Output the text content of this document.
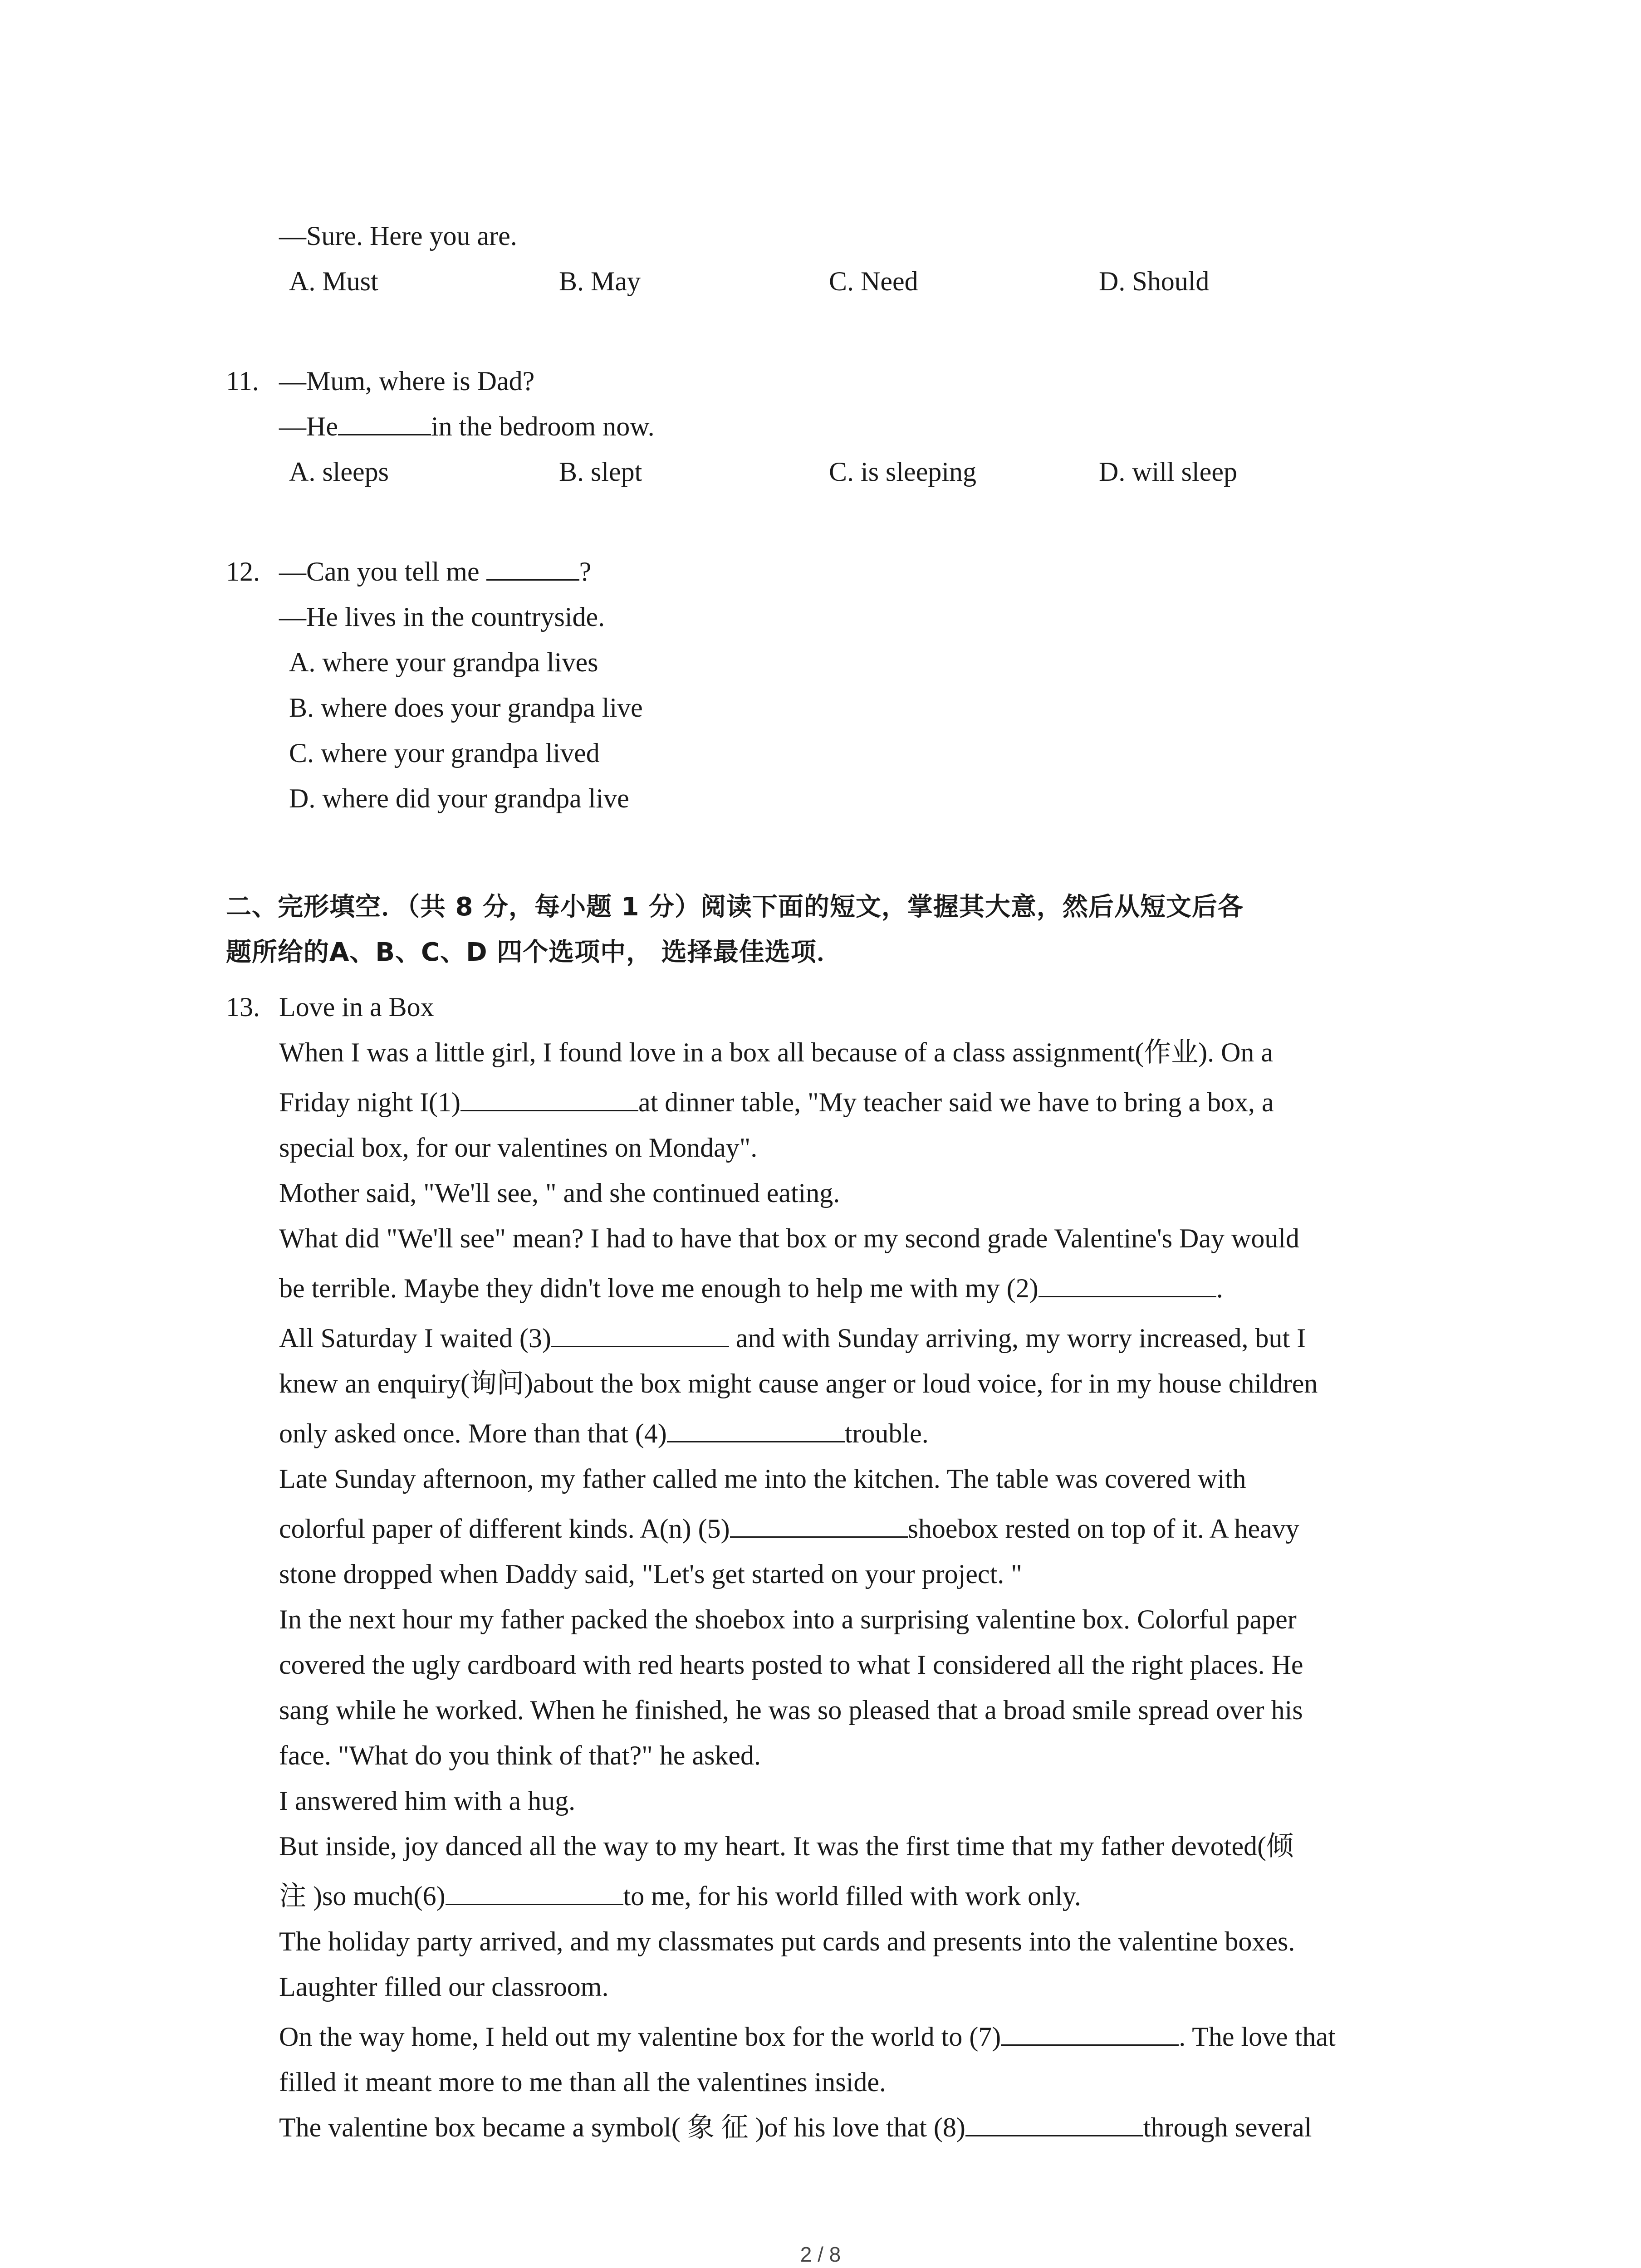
—Sure. Here you are.
A. Must	B. May	C. Need	D. Should
11. —Mum, where is Dad?
—He	in the bedroom now.
A. sleeps	B. slept	C. is sleeping	D. will sleep
12. —Can you tell me	?
—He lives in the countryside.
A. where your grandpa lives
B. where does your grandpa live
C. where your grandpa lived
D. where did your grandpa live
二、完形填空．（共 8 分，每小题 1 分）阅读下面的短文，掌握其大意，然后从短文后各
题所给的A、B、C、D 四个选项中， 选择最佳选项．
13. Love in a Box
When I was a little girl, I found love in a box all because of a class assignment(作业). On a
Friday night I(1)	at dinner table, "My teacher said we have to bring a box, a
special box, for our valentines on Monday".
Mother said, "We'll see, " and she continued eating.
What did "We'll see" mean? I had to have that box or my second grade Valentine's Day would
be terrible. Maybe they didn't love me enough to help me with my (2)	.
All Saturday I waited (3)	and with Sunday arriving, my worry increased, but I
knew an enquiry(询问)about the box might cause anger or loud voice, for in my house children
only asked once. More than that (4)	trouble.
Late Sunday afternoon, my father called me into the kitchen. The table was covered with
colorful paper of different kinds. A(n) (5)	shoebox rested on top of it. A heavy
stone dropped when Daddy said, "Let's get started on your project. "
In the next hour my father packed the shoebox into a surprising valentine box. Colorful paper
covered the ugly cardboard with red hearts posted to what I considered all the right places. He
sang while he worked. When he finished, he was so pleased that a broad smile spread over his
face. "What do you think of that?" he asked.
I answered him with a hug.
But inside, joy danced all the way to my heart. It was the first time that my father devoted(倾
注 )so much(6)	to me, for his world filled with work only.
The holiday party arrived, and my classmates put cards and presents into the valentine boxes.
Laughter filled our classroom.
On the way home, I held out my valentine box for the world to (7)	. The love that
filled it meant more to me than all the valentines inside.
The valentine box became a symbol( 象 征 )of his love that (8)	through several
2 / 8
